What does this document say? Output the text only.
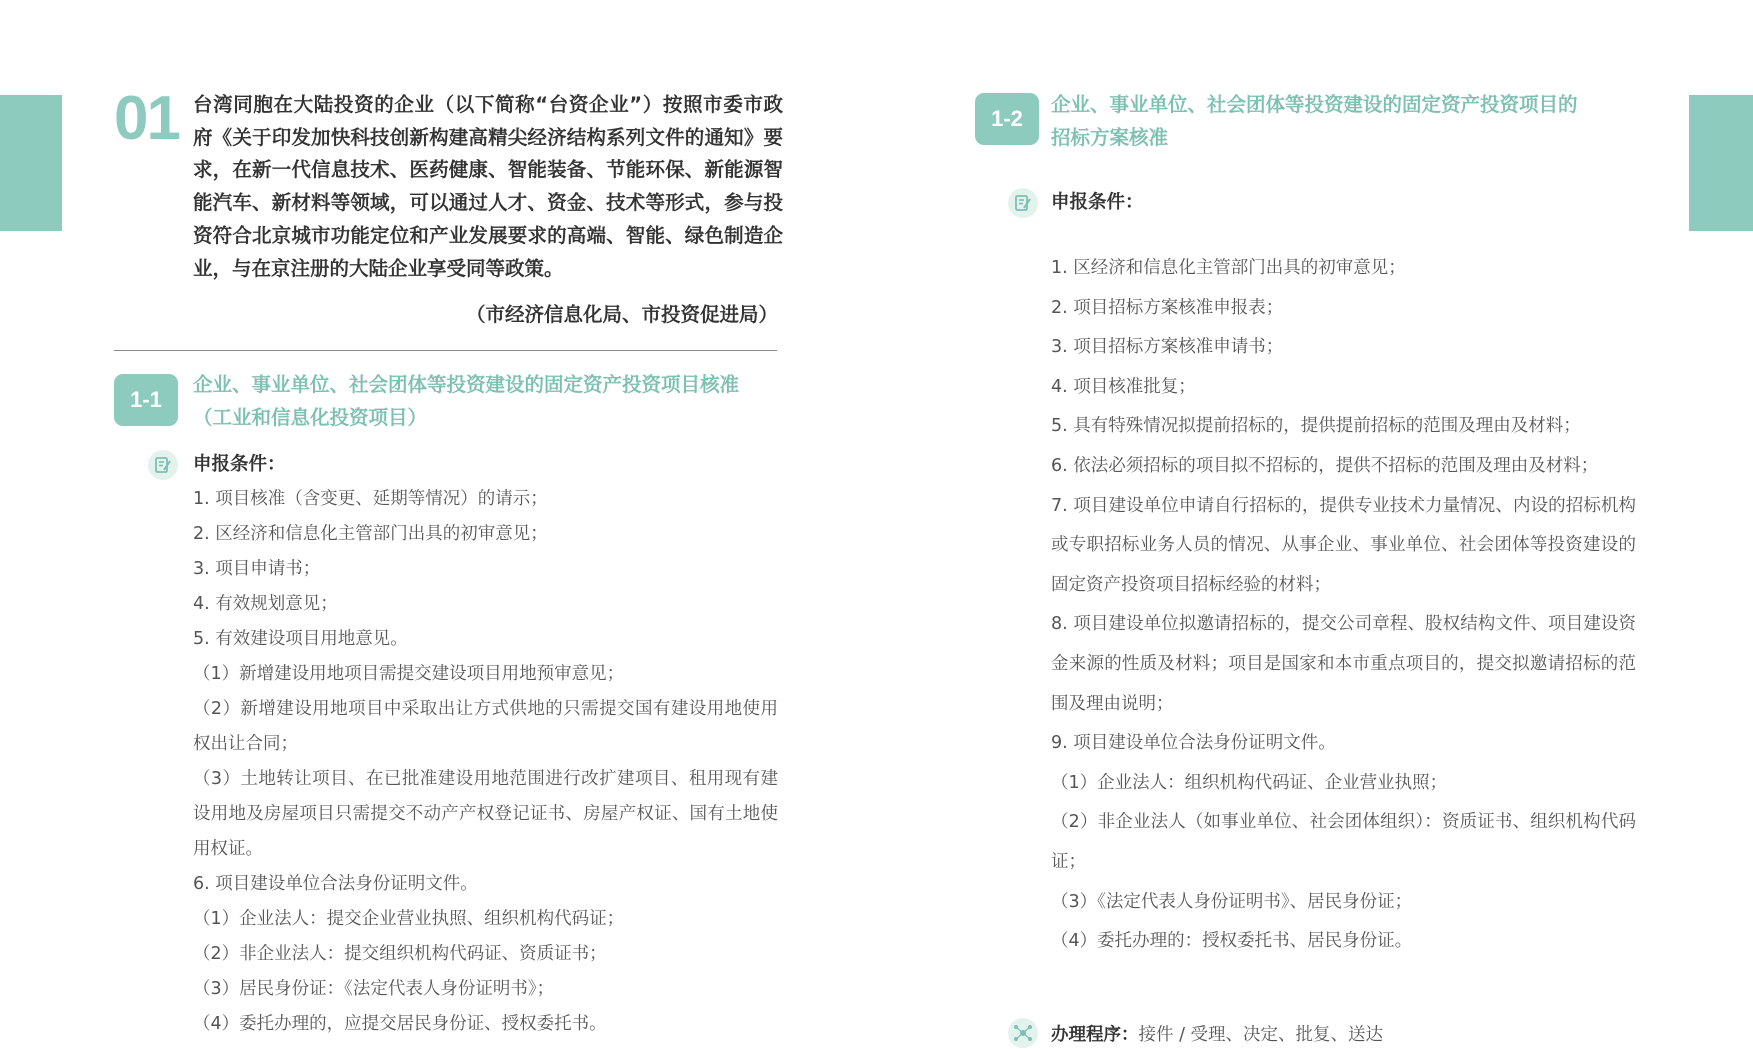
01 台湾同胞在大陆投资的企业（以下简称“台资企业”）按照市委市政府《关于印发加快科技创新构建高精尖经济结构系列文件的通知》要求，在新一代信息技术、医药健康、智能装备、节能环保、新能源智能汽车、新材料等领域，可以通过人才、资金、技术等形式，参与投资符合北京城市功能定位和产业发展要求的高端、智能、绿色制造企业，与在京注册的大陆企业享受同等政策。
（市经济信息化局、市投资促进局）
1-1
企业、事业单位、社会团体等投资建设的固定资产投资项目核准
（工业和信息化投资项目）
申报条件：
1. 项目核准（含变更、延期等情况）的请示；
2. 区经济和信息化主管部门出具的初审意见；
3. 项目申请书；
4. 有效规划意见；
5. 有效建设项目用地意见。
（1）新增建设用地项目需提交建设项目用地预审意见；
（2）新增建设用地项目中采取出让方式供地的只需提交国有建设用地使用权出让合同；
（3）土地转让项目、在已批准建设用地范围进行改扩建项目、租用现有建设用地及房屋项目只需提交不动产产权登记证书、房屋产权证、国有土地使用权证。
6. 项目建设单位合法身份证明文件。
（1）企业法人：提交企业营业执照、组织机构代码证；
（2）非企业法人：提交组织机构代码证、资质证书；
（3）居民身份证：《法定代表人身份证明书》；
（4）委托办理的，应提交居民身份证、授权委托书。
1-2
企业、事业单位、社会团体等投资建设的固定资产投资项目的
招标方案核准
申报条件：
1. 区经济和信息化主管部门出具的初审意见；
2. 项目招标方案核准申报表；
3. 项目招标方案核准申请书；
4. 项目核准批复；
5. 具有特殊情况拟提前招标的，提供提前招标的范围及理由及材料；
6. 依法必须招标的项目拟不招标的，提供不招标的范围及理由及材料；
7. 项目建设单位申请自行招标的，提供专业技术力量情况、内设的招标机构或专职招标业务人员的情况、从事企业、事业单位、社会团体等投资建设的固定资产投资项目招标经验的材料；
8. 项目建设单位拟邀请招标的，提交公司章程、股权结构文件、项目建设资金来源的性质及材料；项目是国家和本市重点项目的，提交拟邀请招标的范围及理由说明；
9. 项目建设单位合法身份证明文件。
（1）企业法人：组织机构代码证、企业营业执照；
（2）非企业法人（如事业单位、社会团体组织）：资质证书、组织机构代码证；
（3）《法定代表人身份证明书》、居民身份证；
（4）委托办理的：授权委托书、居民身份证。
办理程序：接件 / 受理、决定、批复、送达
